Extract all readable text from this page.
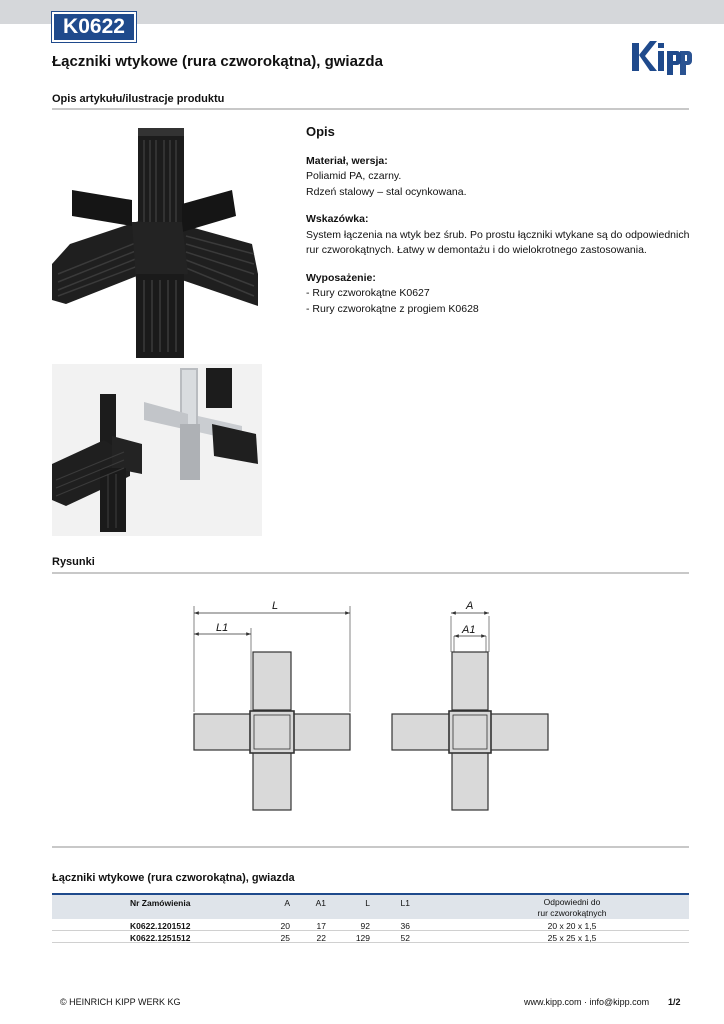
K0622
Łączniki wtykowe (rura czworokątna), gwiazda
Opis artykułu/ilustracje produktu
Opis
Materiał, wersja:
Poliamid PA, czarny.
Rdzeń stalowy – stal ocynkowana.
Wskazówka:
System łączenia na wtyk bez śrub. Po prostu łączniki wtykane są do odpowiednich
rur czworokątnych. Łatwy w demontażu i do wielokrotnego zastosowania.
Wyposażenie:
- Rury czworokątne K0627
- Rury czworokątne z progiem K0628
Rysunki
L
L1
A
A1
Łączniki wtykowe (rura czworokątna), gwiazda
Nr Zamówienia	A	A1	L	L1	Odpowiedni do
rur czworokątnych
K0622.1201512	20	17	92	36	20 x 20 x 1,5
K0622.1251512	25	22	129	52	25 x 25 x 1,5
© HEINRICH KIPP WERK KG	www.kipp.com · info@kipp.com 1/2
